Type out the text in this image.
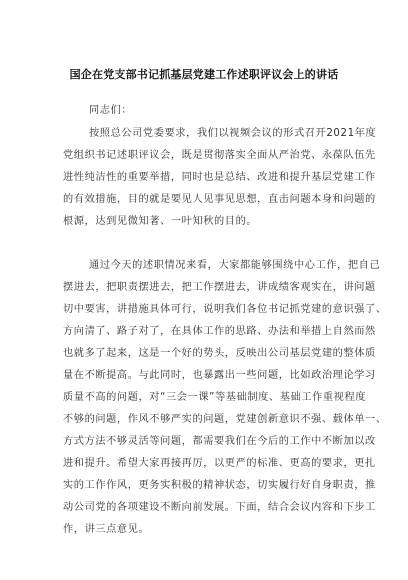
国企在党支部书记抓基层党建工作述职评议会上的讲话
同志们：
按照总公司党委要求，我们以视频会议的形式召开2021年度
党组织书记述职评议会，既是贯彻落实全面从严治党、永葆队伍先
进性纯洁性的重要举措，同时也是总结、改进和提升基层党建工作
的有效措施，目的就是要见人见事见思想，直击问题本身和问题的
根源，达到见微知著、一叶知秋的目的。
通过今天的述职情况来看，大家都能够围绕中心工作，把自己
摆进去，把职责摆进去，把工作摆进去，讲成绩客观实在，讲问题
切中要害，讲措施具体可行，说明我们各位书记抓党建的意识强了、
方向清了、路子对了，在具体工作的思路、办法和举措上自然而然
也就多了起来，这是一个好的势头，反映出公司基层党建的整体质
量在不断提高。与此同时，也暴露出一些问题，比如政治理论学习
质量不高的问题，对“三会一课”等基础制度、基础工作重视程度
不够的问题，作风不够严实的问题，党建创新意识不强、载体单一、
方式方法不够灵活等问题，都需要我们在今后的工作中不断加以改
进和提升。希望大家再接再厉，以更严的标准、更高的要求，更扎
实的工作作风，更务实积极的精神状态，切实履行好自身职责，推
动公司党的各项建设不断向前发展。下面，结合会议内容和下步工
作，讲三点意见。
